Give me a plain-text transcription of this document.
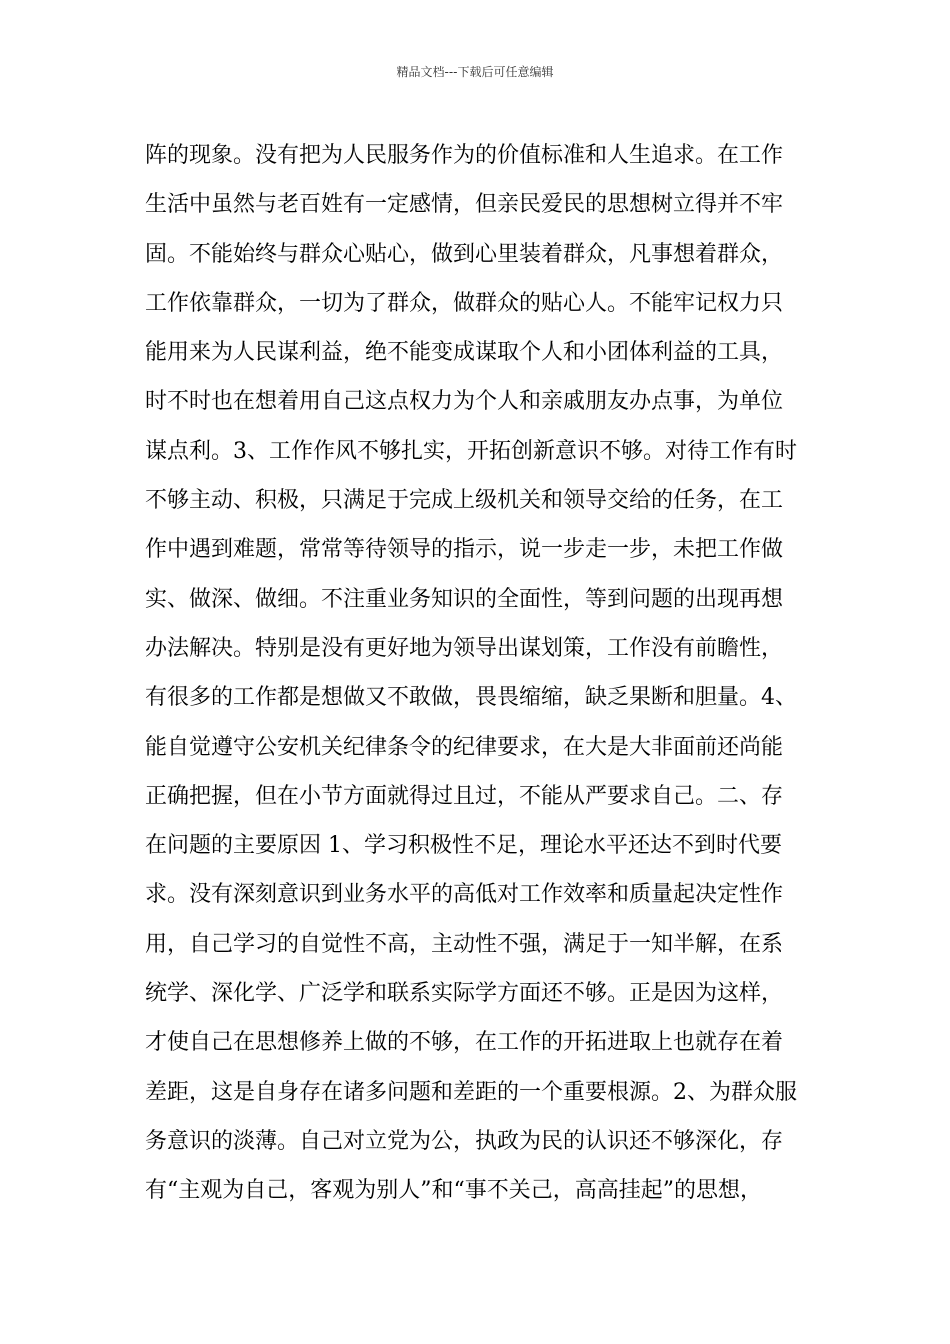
精品文档---下载后可任意编辑
阵的现象。没有把为人民服务作为的价值标准和人生追求。在工作
生活中虽然与老百姓有一定感情，但亲民爱民的思想树立得并不牢
固。不能始终与群众心贴心，做到心里装着群众，凡事想着群众，
工作依靠群众，一切为了群众，做群众的贴心人。不能牢记权力只
能用来为人民谋利益，绝不能变成谋取个人和小团体利益的工具，
时不时也在想着用自己这点权力为个人和亲戚朋友办点事，为单位
谋点利。3、工作作风不够扎实，开拓创新意识不够。对待工作有时
不够主动、积极，只满足于完成上级机关和领导交给的任务，在工
作中遇到难题，常常等待领导的指示，说一步走一步，未把工作做
实、做深、做细。不注重业务知识的全面性，等到问题的出现再想
办法解决。特别是没有更好地为领导出谋划策，工作没有前瞻性，
有很多的工作都是想做又不敢做，畏畏缩缩，缺乏果断和胆量。4、
能自觉遵守公安机关纪律条令的纪律要求，在大是大非面前还尚能
正确把握，但在小节方面就得过且过，不能从严要求自己。二、存
在问题的主要原因 1、学习积极性不足，理论水平还达不到时代要
求。没有深刻意识到业务水平的高低对工作效率和质量起决定性作
用，自己学习的自觉性不高，主动性不强，满足于一知半解，在系
统学、深化学、广泛学和联系实际学方面还不够。正是因为这样，
才使自己在思想修养上做的不够，在工作的开拓进取上也就存在着
差距，这是自身存在诸多问题和差距的一个重要根源。2、为群众服
务意识的淡薄。自己对立党为公，执政为民的认识还不够深化，存
有“主观为自己，客观为别人”和“事不关己，高高挂起”的思想，
